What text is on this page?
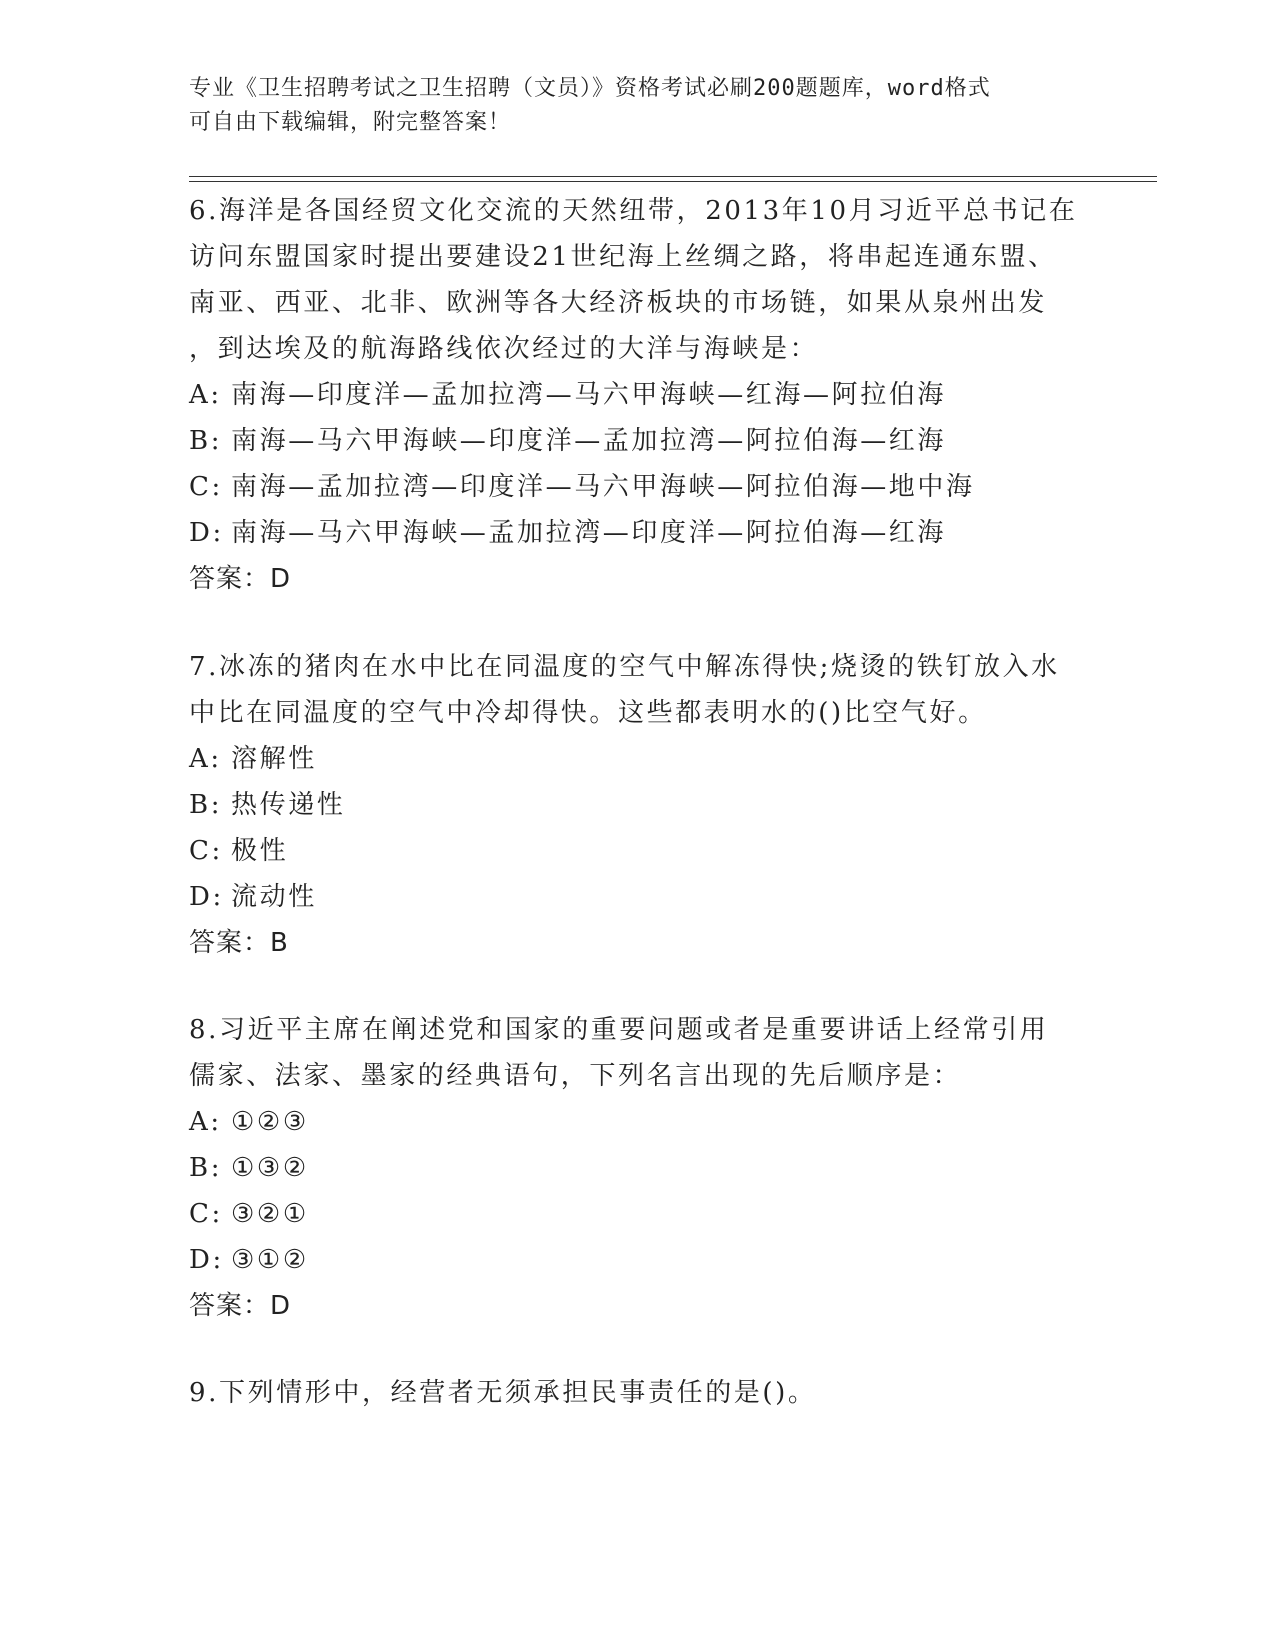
专业《卫生招聘考试之卫生招聘（文员）》资格考试必刷200题题库，word格式
可自由下载编辑，附完整答案！
6.海洋是各国经贸文化交流的天然纽带，2013年10月习近平总书记在
访问东盟国家时提出要建设21世纪海上丝绸之路，将串起连通东盟、
南亚、西亚、北非、欧洲等各大经济板块的市场链，如果从泉州出发
，到达埃及的航海路线依次经过的大洋与海峡是：
A: 南海—印度洋—孟加拉湾—马六甲海峡—红海—阿拉伯海
B: 南海—马六甲海峡—印度洋—孟加拉湾—阿拉伯海—红海
C: 南海—孟加拉湾—印度洋—马六甲海峡—阿拉伯海—地中海
D: 南海—马六甲海峡—孟加拉湾—印度洋—阿拉伯海—红海
答案：D
7.冰冻的猪肉在水中比在同温度的空气中解冻得快;烧烫的铁钉放入水
中比在同温度的空气中冷却得快。这些都表明水的()比空气好。
A: 溶解性
B: 热传递性
C: 极性
D: 流动性
答案：B
8.习近平主席在阐述党和国家的重要问题或者是重要讲话上经常引用
儒家、法家、墨家的经典语句，下列名言出现的先后顺序是：
A: ①②③
B: ①③②
C: ③②①
D: ③①②
答案：D
9.下列情形中，经营者无须承担民事责任的是()。
